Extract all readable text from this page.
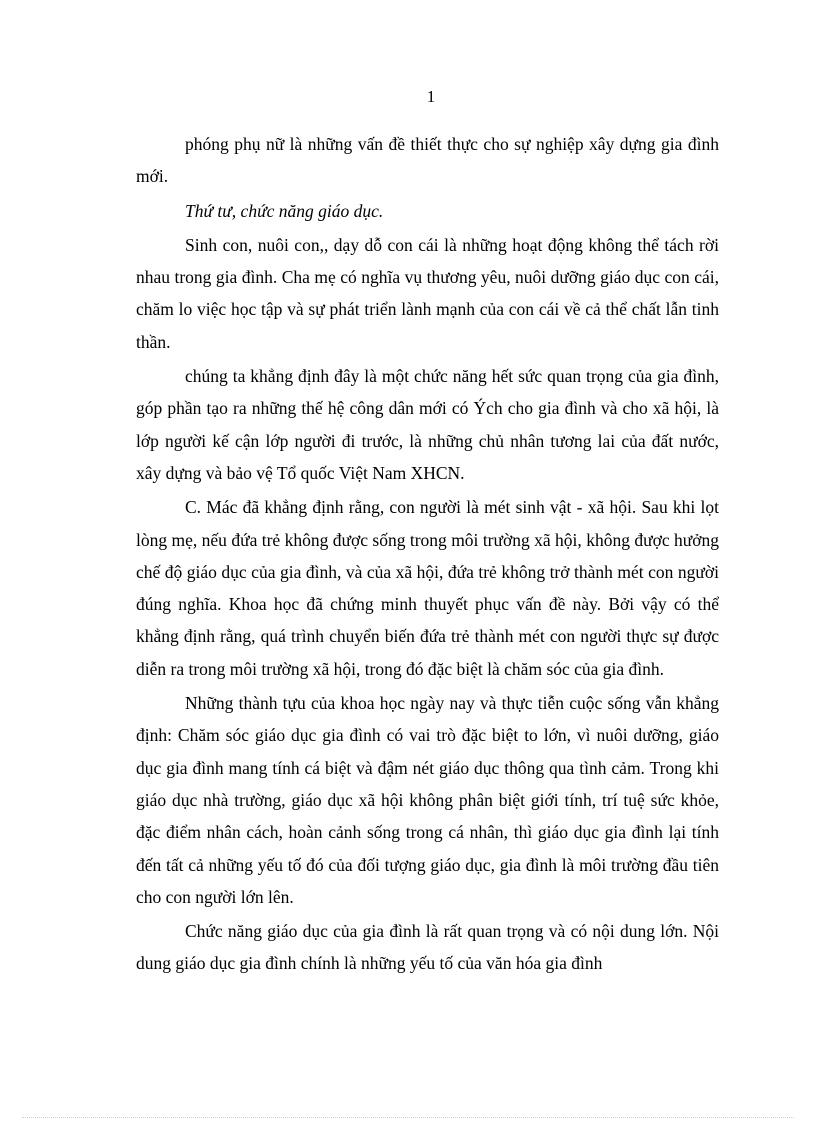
1

phóng phụ nữ là những vấn đề thiết thực cho sự nghiệp xây dựng gia đình mới.

Thứ tư, chức năng giáo dục.

Sinh con, nuôi con,, dạy dỗ con cái là những hoạt động không thể tách rời nhau trong gia đình. Cha mẹ có nghĩa vụ thương yêu, nuôi dưỡng giáo dục con cái, chăm lo việc học tập và sự phát triển lành mạnh của con cái về cả thể chất lẫn tinh thần.

chúng ta khẳng định đây là một chức năng hết sức quan trọng của gia đình, góp phần tạo ra những thế hệ công dân mới có Ých cho gia đình và cho xã hội, là lớp người kế cận lớp người đi trước, là những chủ nhân tương lai của đất nước, xây dựng và bảo vệ Tổ quốc Việt Nam XHCN.

C. Mác đã khẳng định rằng, con người là mét sinh vật - xã hội. Sau khi lọt lòng mẹ, nếu đứa trẻ không được sống trong môi trường xã hội, không được hưởng chế độ giáo dục của gia đình, và của xã hội, đứa trẻ không trở thành mét con người đúng nghĩa. Khoa học đã chứng minh thuyết phục vấn đề này. Bởi vậy có thể khẳng định rằng, quá trình chuyển biến đứa trẻ thành mét con người thực sự được diễn ra trong môi trường xã hội, trong đó đặc biệt là chăm sóc của gia đình.

Những thành tựu của khoa học ngày nay và thực tiễn cuộc sống vẫn khẳng định: Chăm sóc giáo dục gia đình có vai trò đặc biệt to lớn, vì nuôi dưỡng, giáo dục gia đình mang tính cá biệt và đậm nét giáo dục thông qua tình cảm. Trong khi giáo dục nhà trường, giáo dục xã hội không phân biệt giới tính, trí tuệ sức khỏe, đặc điểm nhân cách, hoàn cảnh sống trong cá nhân, thì giáo dục gia đình lại tính đến tất cả những yếu tố đó của đối tượng giáo dục, gia đình là môi trường đầu tiên cho con người lớn lên.

Chức năng giáo dục của gia đình là rất quan trọng và có nội dung lớn. Nội dung giáo dục gia đình chính là những yếu tố của văn hóa gia đình
